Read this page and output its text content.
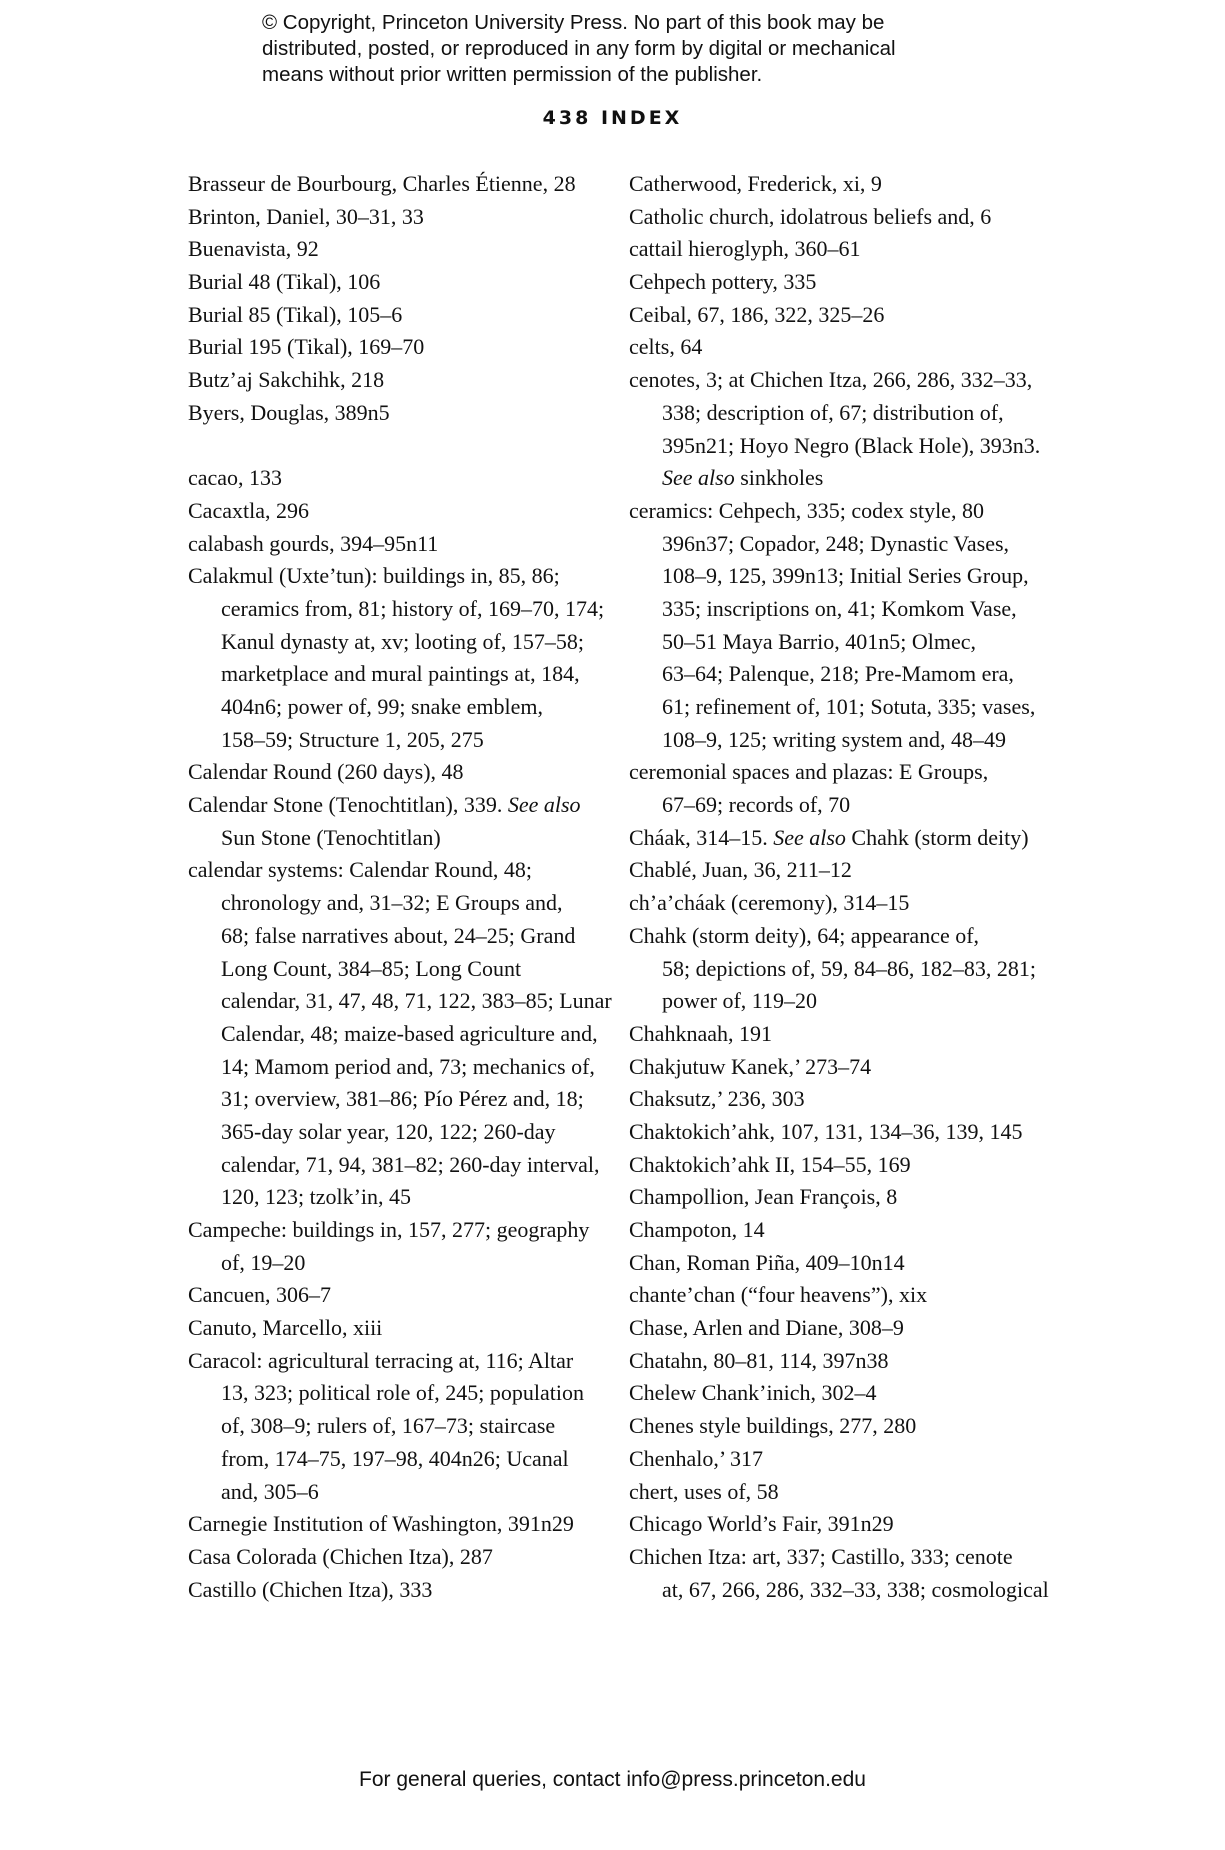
© Copyright, Princeton University Press. No part of this book may be
distributed, posted, or reproduced in any form by digital or mechanical
means without prior written permission of the publisher.
438 INDEX
Brasseur de Bourbourg, Charles Étienne, 28
Brinton, Daniel, 30–31, 33
Buenavista, 92
Burial 48 (Tikal), 106
Burial 85 (Tikal), 105–6
Burial 195 (Tikal), 169–70
Butz’aj Sakchihk, 218
Byers, Douglas, 389n5
cacao, 133
Cacaxtla, 296
calabash gourds, 394–95n11
Calakmul (Uxte’tun): buildings in, 85, 86;
ceramics from, 81; history of, 169–70, 174;
Kanul dynasty at, xv; looting of, 157–58;
marketplace and mural paintings at, 184,
404n6; power of, 99; snake emblem,
158–59; Structure 1, 205, 275
Calendar Round (260 days), 48
Calendar Stone (Tenochtitlan), 339. See also
Sun Stone (Tenochtitlan)
calendar systems: Calendar Round, 48;
chronology and, 31–32; E Groups and,
68; false narratives about, 24–25; Grand
Long Count, 384–85; Long Count
calendar, 31, 47, 48, 71, 122, 383–85; Lunar
Calendar, 48; maize-based agriculture and,
14; Mamom period and, 73; mechanics of,
31; overview, 381–86; Pío Pérez and, 18;
365-day solar year, 120, 122; 260-day
calendar, 71, 94, 381–82; 260-day interval,
120, 123; tzolk’in, 45
Campeche: buildings in, 157, 277; geography
of, 19–20
Cancuen, 306–7
Canuto, Marcello, xiii
Caracol: agricultural terracing at, 116; Altar
13, 323; political role of, 245; population
of, 308–9; rulers of, 167–73; staircase
from, 174–75, 197–98, 404n26; Ucanal
and, 305–6
Carnegie Institution of Washington, 391n29
Casa Colorada (Chichen Itza), 287
Castillo (Chichen Itza), 333
Catherwood, Frederick, xi, 9
Catholic church, idolatrous beliefs and, 6
cattail hieroglyph, 360–61
Cehpech pottery, 335
Ceibal, 67, 186, 322, 325–26
celts, 64
cenotes, 3; at Chichen Itza, 266, 286, 332–33,
338; description of, 67; distribution of,
395n21; Hoyo Negro (Black Hole), 393n3.
See also sinkholes
ceramics: Cehpech, 335; codex style, 80
396n37; Copador, 248; Dynastic Vases,
108–9, 125, 399n13; Initial Series Group,
335; inscriptions on, 41; Komkom Vase,
50–51 Maya Barrio, 401n5; Olmec,
63–64; Palenque, 218; Pre-Mamom era,
61; refinement of, 101; Sotuta, 335; vases,
108–9, 125; writing system and, 48–49
ceremonial spaces and plazas: E Groups,
67–69; records of, 70
Cháak, 314–15. See also Chahk (storm deity)
Chablé, Juan, 36, 211–12
ch’a’cháak (ceremony), 314–15
Chahk (storm deity), 64; appearance of,
58; depictions of, 59, 84–86, 182–83, 281;
power of, 119–20
Chahknaah, 191
Chakjutuw Kanek,’ 273–74
Chaksutz,’ 236, 303
Chaktokich’ahk, 107, 131, 134–36, 139, 145
Chaktokich’ahk II, 154–55, 169
Champollion, Jean François, 8
Champoton, 14
Chan, Roman Piña, 409–10n14
chante’chan (“four heavens”), xix
Chase, Arlen and Diane, 308–9
Chatahn, 80–81, 114, 397n38
Chelew Chank’inich, 302–4
Chenes style buildings, 277, 280
Chenhalo,’ 317
chert, uses of, 58
Chicago World’s Fair, 391n29
Chichen Itza: art, 337; Castillo, 333; cenote
at, 67, 266, 286, 332–33, 338; cosmological
For general queries, contact info@press.princeton.edu
